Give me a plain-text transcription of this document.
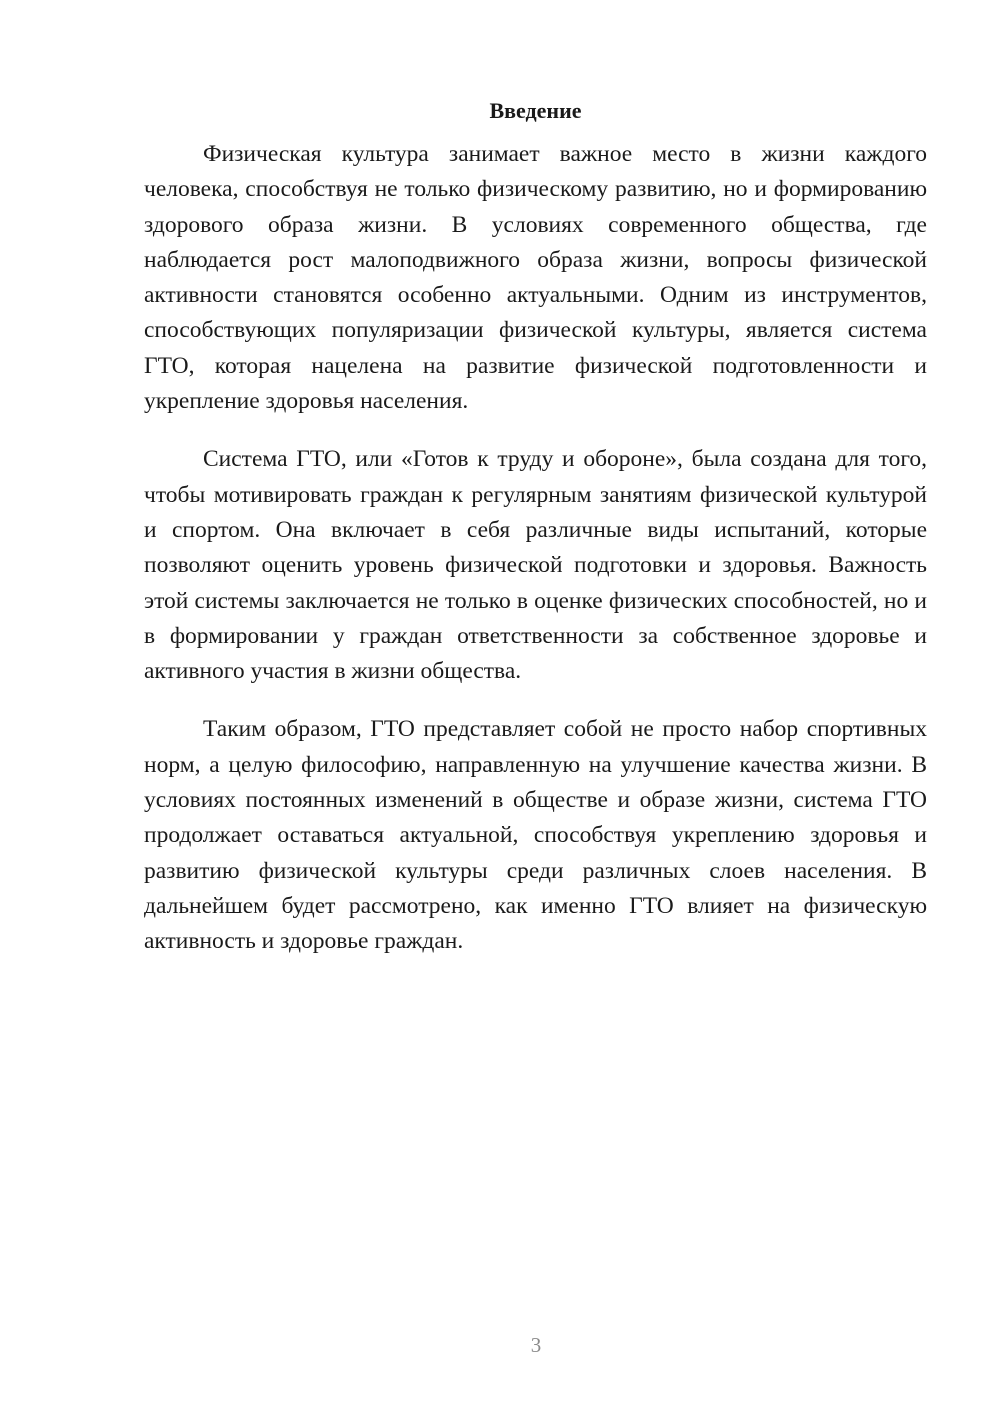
Введение

Физическая культура занимает важное место в жизни каждого человека, способствуя не только физическому развитию, но и формированию здорового образа жизни. В условиях современного общества, где наблюдается рост малоподвижного образа жизни, вопросы физической активности становятся особенно актуальными. Одним из инструментов, способствующих популяризации физической культуры, является система ГТО, которая нацелена на развитие физической подготовленности и укрепление здоровья населения.

Система ГТО, или «Готов к труду и обороне», была создана для того, чтобы мотивировать граждан к регулярным занятиям физической культурой и спортом. Она включает в себя различные виды испытаний, которые позволяют оценить уровень физической подготовки и здоровья. Важность этой системы заключается не только в оценке физических способностей, но и в формировании у граждан ответственности за собственное здоровье и активного участия в жизни общества.

Таким образом, ГТО представляет собой не просто набор спортивных норм, а целую философию, направленную на улучшение качества жизни. В условиях постоянных изменений в обществе и образе жизни, система ГТО продолжает оставаться актуальной, способствуя укреплению здоровья и развитию физической культуры среди различных слоев населения. В дальнейшем будет рассмотрено, как именно ГТО влияет на физическую активность и здоровье граждан.

3
